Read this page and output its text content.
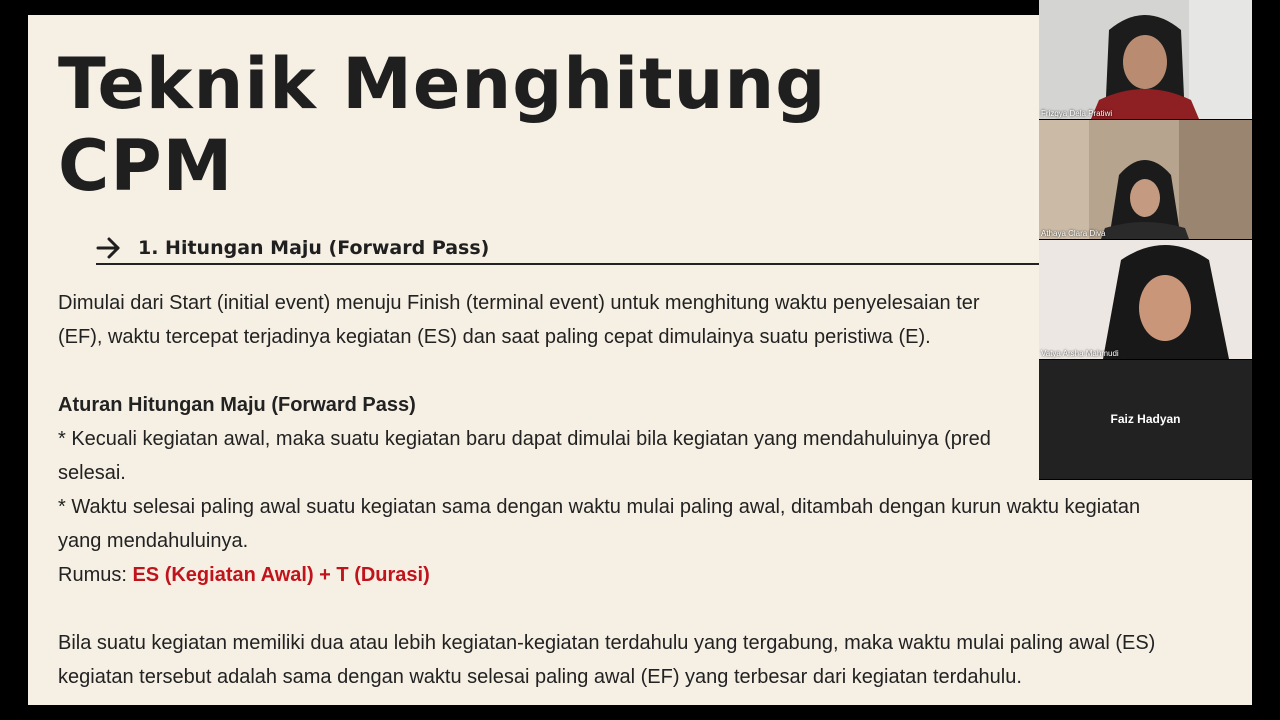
Teknik Menghitung
CPM
1. Hitungan Maju (Forward Pass)
Dimulai dari Start (initial event) menuju Finish (terminal event) untuk menghitung waktu penyelesaian ter
(EF), waktu tercepat terjadinya kegiatan (ES) dan saat paling cepat dimulainya suatu peristiwa (E).
Aturan Hitungan Maju (Forward Pass)
* Kecuali kegiatan awal, maka suatu kegiatan baru dapat dimulai bila kegiatan yang mendahuluinya (pred
selesai.
* Waktu selesai paling awal suatu kegiatan sama dengan waktu mulai paling awal, ditambah dengan kurun waktu kegiatan
yang mendahuluinya.
Rumus: ES (Kegiatan Awal) + T (Durasi)
Bila suatu kegiatan memiliki dua atau lebih kegiatan-kegiatan terdahulu yang tergabung, maka waktu mulai paling awal (ES)
kegiatan tersebut adalah sama dengan waktu selesai paling awal (EF) yang terbesar dari kegiatan terdahulu.
Frizqya Dela Pratiwi
Athaya Clara Diva
Vatya Arsha Mahmudi
Faiz Hadyan
